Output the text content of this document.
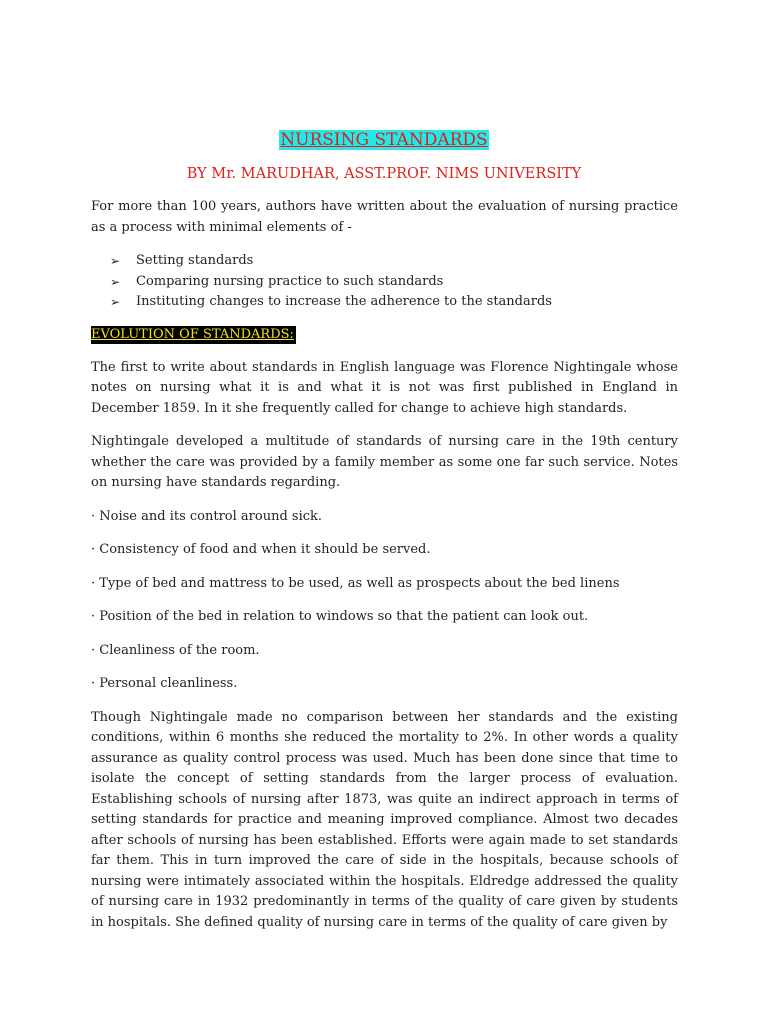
NURSING STANDARDS
BY Mr. MARUDHAR, ASST.PROF. NIMS UNIVERSITY

For more than 100 years, authors have written about the evaluation of nursing practice as a process with minimal elements of -

➢ Setting standards
➢ Comparing nursing practice to such standards
➢ Instituting changes to increase the adherence to the standards
EVOLUTION OF STANDARDS:

The first to write about standards in English language was Florence Nightingale whose notes on nursing what it is and what it is not was first published in England in December 1859. In it she frequently called for change to achieve high standards.

Nightingale developed a multitude of standards of nursing care in the 19th century whether the care was provided by a family member as some one far such service. Notes on nursing have standards regarding.

· Noise and its control around sick.
· Consistency of food and when it should be served.
· Type of bed and mattress to be used, as well as prospects about the bed linens
· Position of the bed in relation to windows so that the patient can look out.
· Cleanliness of the room.
· Personal cleanliness.

Though Nightingale made no comparison between her standards and the existing conditions, within 6 months she reduced the mortality to 2%. In other words a quality assurance as quality control process was used. Much has been done since that time to isolate the concept of setting standards from the larger process of evaluation. Establishing schools of nursing after 1873, was quite an indirect approach in terms of setting standards for practice and meaning improved compliance. Almost two decades after schools of nursing has been established. Efforts were again made to set standards far them. This in turn improved the care of side in the hospitals, because schools of nursing were intimately associated within the hospitals. Eldredge addressed the quality of nursing care in 1932 predominantly in terms of the quality of care given by students in hospitals. She defined quality of nursing care in terms of the quality of care given by
